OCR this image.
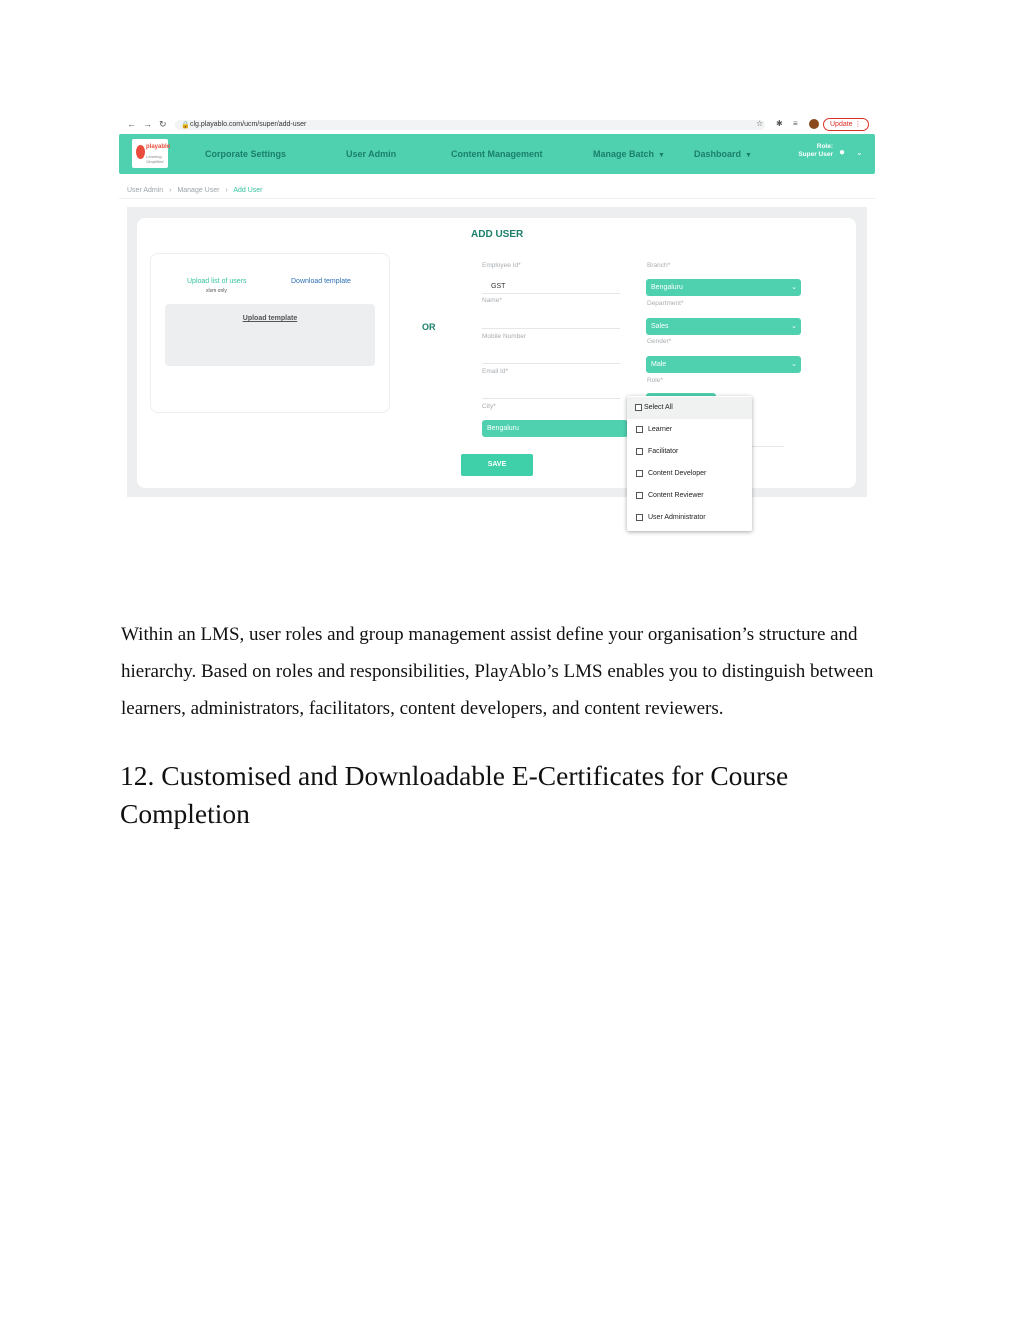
← → ↻ 🔒 clg.playablo.com/ucm/super/add-user	☆ ✱ ≡	Update ⋮
playablo
Learning Simplified
Corporate Settings	User Admin	Content Management	Manage Batch ▼	Dashboard ▼
Role:
Super User ● ⌄
User Admin › Manage User › Add User
Upload list of users
xlsm only
Download template
Upload template
OR
ADD USER
Employee Id*
GST
Name*
Mobile Number
Email Id*
City*
Bengaluru
Branch*
Bengaluru	⌄
Department*
Sales	⌄
Gender*
Male	⌄
Role*
SAVE
Select All
Learner
Facilitator
Content Developer
Content Reviewer
User Administrator

Within an LMS, user roles and group management assist define your organisation’s structure and hierarchy. Based on roles and responsibilities, PlayAblo’s LMS enables you to distinguish between learners, administrators, facilitators, content developers, and content reviewers.

12. Customised and Downloadable E-Certificates for Course Completion
